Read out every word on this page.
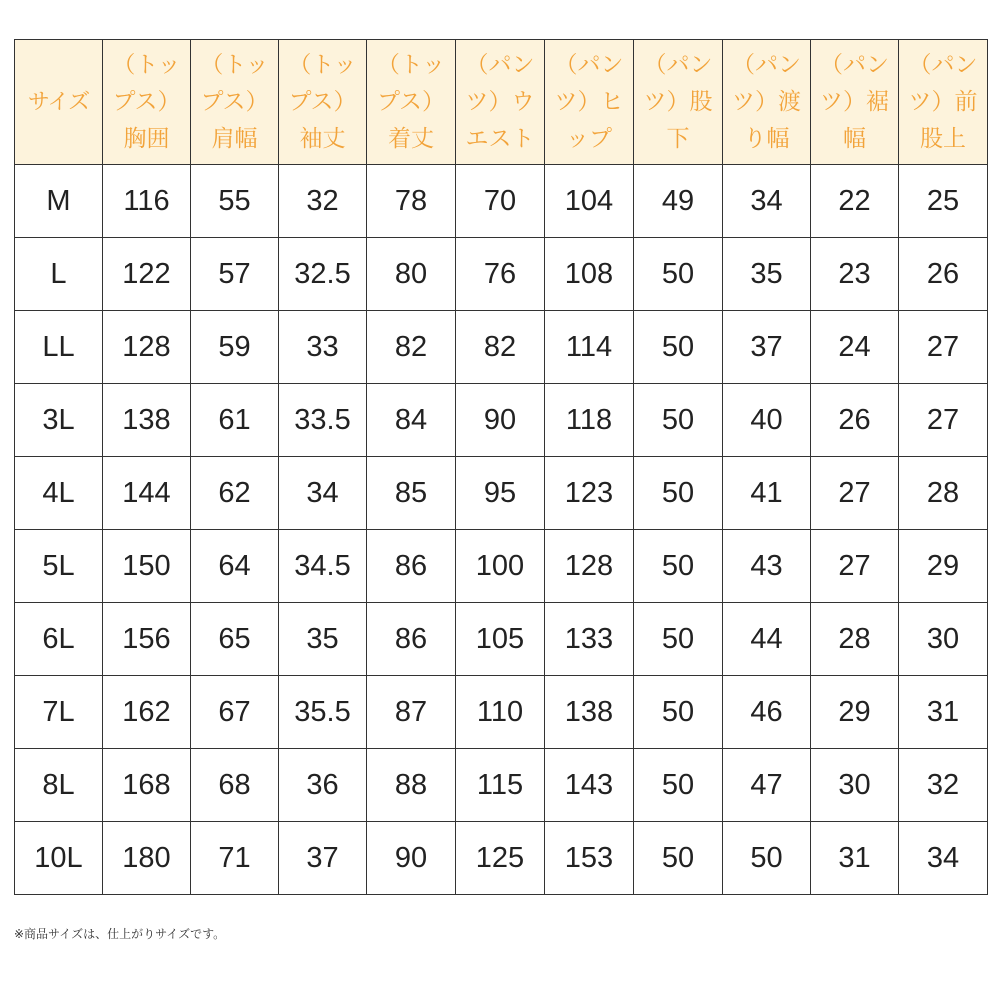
サイズ	（トップス）胸囲	（トップス）肩幅	（トップス）袖丈	（トップス）着丈	（パンツ）ウエスト	（パンツ）ヒップ	（パンツ）股下	（パンツ）渡り幅	（パンツ）裾幅	（パンツ）前股上
M	116	55	32	78	70	104	49	34	22	25
L	122	57	32.5	80	76	108	50	35	23	26
LL	128	59	33	82	82	114	50	37	24	27
3L	138	61	33.5	84	90	118	50	40	26	27
4L	144	62	34	85	95	123	50	41	27	28
5L	150	64	34.5	86	100	128	50	43	27	29
6L	156	65	35	86	105	133	50	44	28	30
7L	162	67	35.5	87	110	138	50	46	29	31
8L	168	68	36	88	115	143	50	47	30	32
10L	180	71	37	90	125	153	50	50	31	34
※商品サイズは、仕上がりサイズです。
